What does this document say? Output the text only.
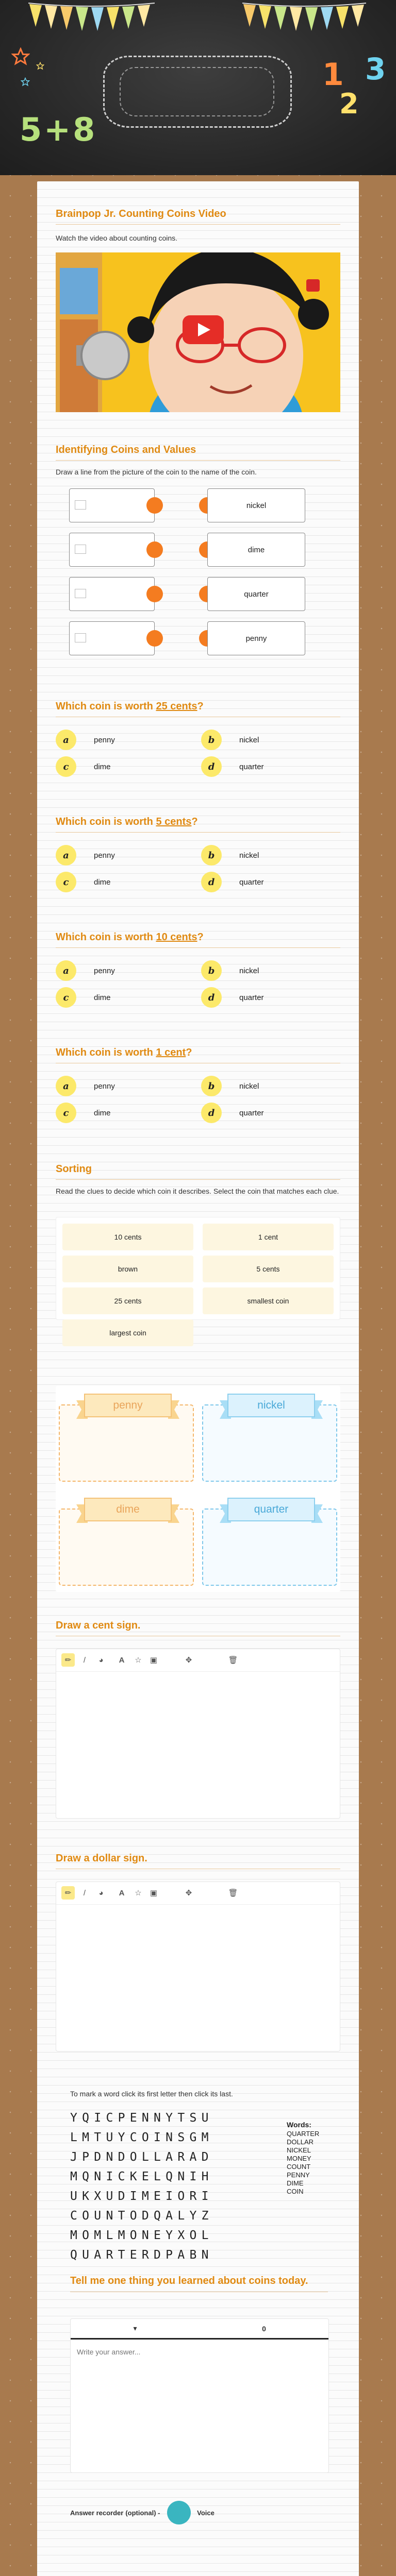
5+8
1
2
3
Brainpop Jr. Counting Coins Video
Watch the video about counting coins.
Identifying Coins and Values
Draw a line from the picture of the coin to the name of the coin.
nickel
dime
quarter
penny
Which coin is worth 25 cents?
a	penny	b	nickel
c	dime	d	quarter
Which coin is worth 5 cents?
a	penny	b	nickel
c	dime	d	quarter
Which coin is worth 10 cents?
a	penny	b	nickel
c	dime	d	quarter
Which coin is worth 1 cent?
a	penny	b	nickel
c	dime	d	quarter
Sorting
Read the clues to decide which coin it describes. Select the coin that matches each clue.
10 cents	1 cent
brown	5 cents
25 cents	smallest coin
largest coin
penny	nickel
dime	quarter
Draw a cent sign.
✏	/	◕	A	☆	▣	✥	🗑
Draw a dollar sign.
✏	/	◕	A	☆	▣	✥	🗑
To mark a word click its first letter then click its last.
YQICPENNYTSU
LMTUYCOINSGM
JPDNDOLLARAD
MQNICKELQNIH
UKXUDIMEIORI
COUNTODQALYZ
MOMLMONEYXOL
QUARTERDPABN
Words:
QUARTER
DOLLAR
NICKEL
MONEY
COUNT
PENNY
DIME
COIN
Tell me one thing you learned about coins today.
▾	0
Write your answer...
Answer recorder (optional) -	Voice
